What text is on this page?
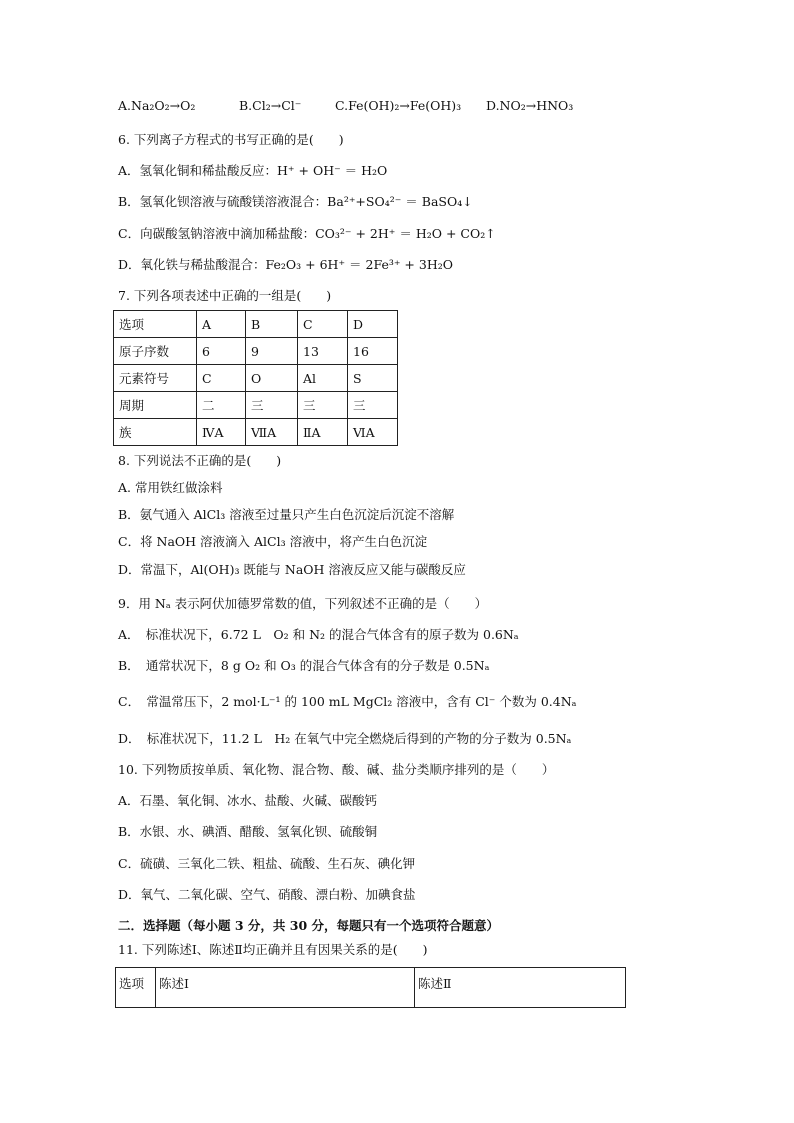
A.Na₂O₂→O₂	B.Cl₂→Cl⁻	C.Fe(OH)₂→Fe(OH)₃ D.NO₂→HNO₃
6. 下列离子方程式的书写正确的是(　　)
A．氢氧化铜和稀盐酸反应：H⁺ + OH⁻ ＝ H₂O
B．氢氧化钡溶液与硫酸镁溶液混合：Ba²⁺+SO₄²⁻ ＝ BaSO₄↓
C．向碳酸氢钠溶液中滴加稀盐酸：CO₃²⁻ + 2H⁺ ＝ H₂O + CO₂↑
D．氧化铁与稀盐酸混合：Fe₂O₃ + 6H⁺ ＝ 2Fe³⁺ + 3H₂O
7. 下列各项表述中正确的一组是(　　)
选项	A	B	C	D
原子序数	6	9	13	16
元素符号	C	O	Al	S
周期	二	三	三	三
族	ⅣA	ⅦA	ⅡA	ⅥA
8. 下列说法不正确的是(　　)
A. 常用铁红做涂料
B．氨气通入 AlCl₃ 溶液至过量只产生白色沉淀后沉淀不溶解
C．将 NaOH 溶液滴入 AlCl₃ 溶液中，将产生白色沉淀
D．常温下，Al(OH)₃ 既能与 NaOH 溶液反应又能与碳酸反应
9．用 Nₐ 表示阿伏加德罗常数的值，下列叙述不正确的是（　　）
A．　标准状况下，6.72 L　O₂ 和 N₂ 的混合气体含有的原子数为 0.6Nₐ
B．　通常状况下，8 g O₂ 和 O₃ 的混合气体含有的分子数是 0.5Nₐ
C．　常温常压下，2 mol·L⁻¹ 的 100 mL MgCl₂ 溶液中，含有 Cl⁻ 个数为 0.4Nₐ
D．　标准状况下，11.2 L　H₂ 在氧气中完全燃烧后得到的产物的分子数为 0.5Nₐ
10. 下列物质按单质、氧化物、混合物、酸、碱、盐分类顺序排列的是（　　）
A．石墨、氧化铜、冰水、盐酸、火碱、碳酸钙
B．水银、水、碘酒、醋酸、氢氧化钡、硫酸铜
C．硫磺、三氧化二铁、粗盐、硫酸、生石灰、碘化钾
D．氧气、二氧化碳、空气、硝酸、漂白粉、加碘食盐
二．选择题（每小题 3 分，共 30 分，每题只有一个选项符合题意）
11. 下列陈述Ⅰ、陈述Ⅱ均正确并且有因果关系的是(　　)
选项	陈述Ⅰ	陈述Ⅱ
